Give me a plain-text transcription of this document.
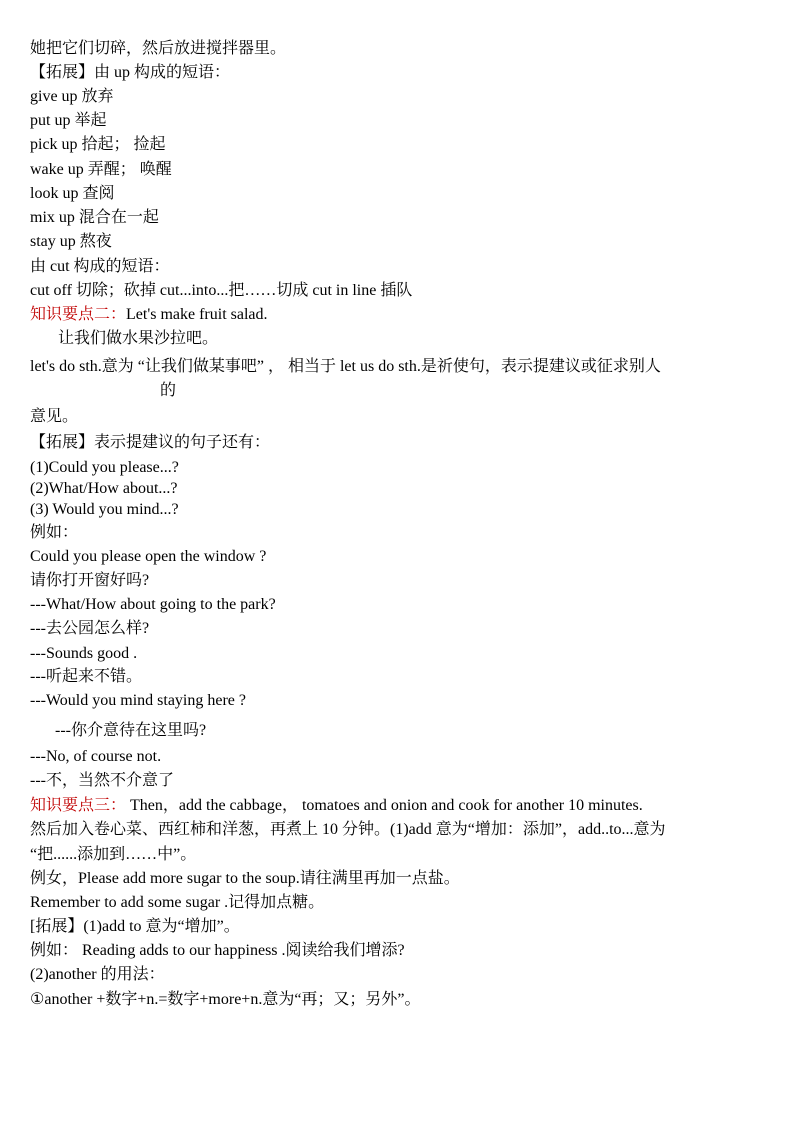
她把它们切碎，然后放进搅拌器里。
【拓展】由 up 构成的短语：
give up 放弃
put up 举起
pick up 拾起； 捡起
wake up 弄醒； 唤醒
look up 查阅
mix up 混合在一起
stay up 熬夜
由 cut 构成的短语：
cut off 切除；砍掉 cut...into...把……切成 cut in line 插队
知识要点二：Let's make fruit salad.
让我们做水果沙拉吧。
let's do sth.意为 “让我们做某事吧” ， 相当于 let us do sth.是祈使句，表示提建议或征求别人
的
意见。
【拓展】表示提建议的句子还有：
(1)Could you please...?
(2)What/How about...?
(3) Would you mind...?
例如：
Could you please open the window ?
请你打开窗好吗?
---What/How about going to the park?
---去公园怎么样?
---Sounds good .
---听起来不错。
---Would you mind staying here ?
---你介意待在这里吗?
---No, of course not.
---不，当然不介意了
知识要点三： Then，add the cabbage， tomatoes and onion and cook for another 10 minutes.
然后加入卷心菜、西红柿和洋葱，再煮上 10 分钟。(1)add 意为“增加：添加”，add..to...意为
“把......添加到……中”。
例女，Please add more sugar to the soup.请往满里再加一点盐。
Remember to add some sugar .记得加点糖。
[拓展】(1)add to 意为“增加”。
例如： Reading adds to our happiness .阅读给我们增添?
(2)another 的用法：
①another +数字+n.=数字+more+n.意为“再；又；另外”。
